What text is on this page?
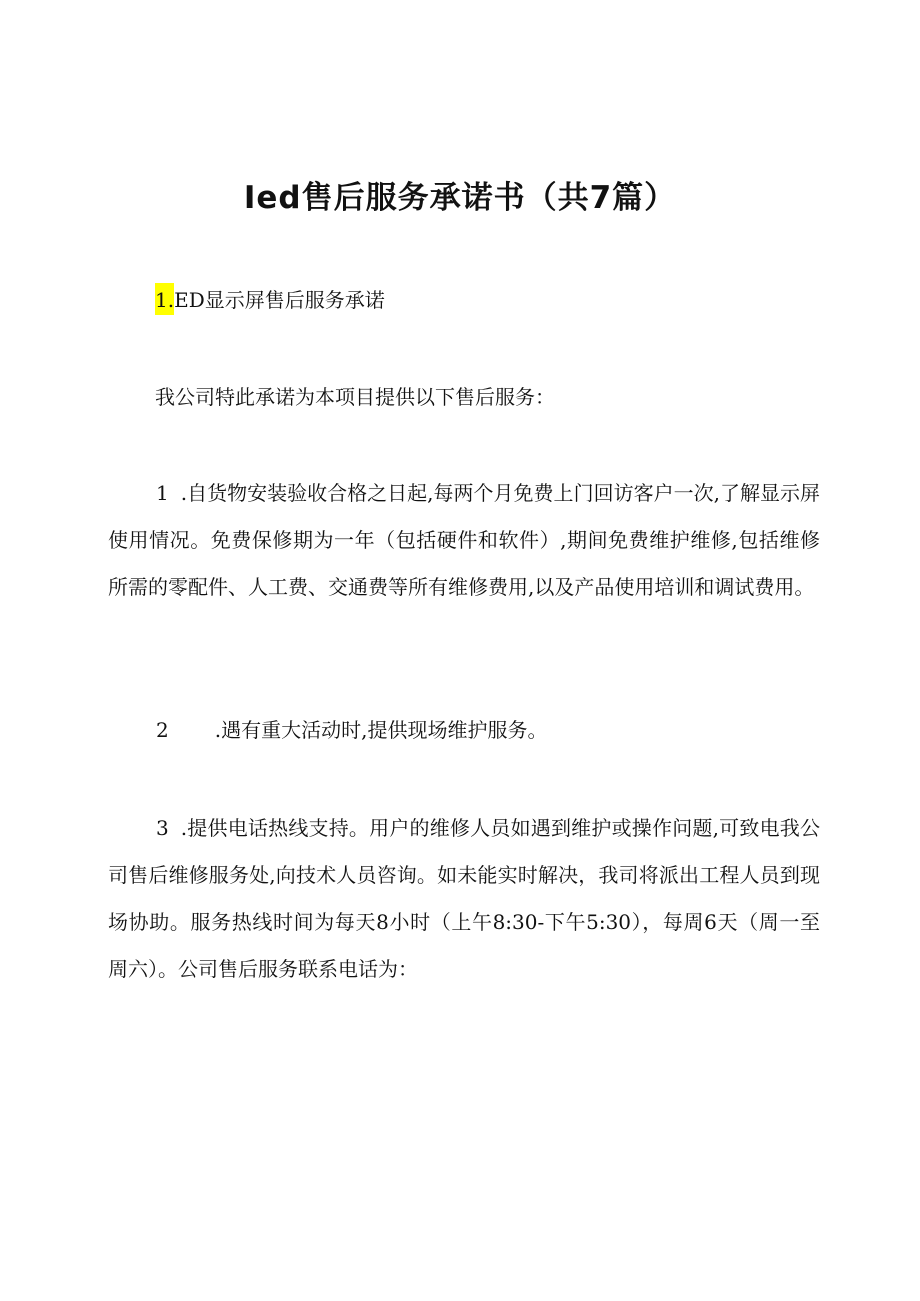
Ied售后服务承诺书（共7篇）

1.ED显示屏售后服务承诺

我公司特此承诺为本项目提供以下售后服务：

1 .自货物安装验收合格之日起,每两个月免费上门回访客户一次,了解显示屏使用情况。免费保修期为一年（包括硬件和软件）,期间免费维护维修,包括维修所需的零配件、人工费、交通费等所有维修费用,以及产品使用培训和调试费用。

2 .遇有重大活动时,提供现场维护服务。

3 .提供电话热线支持。用户的维修人员如遇到维护或操作问题,可致电我公司售后维修服务处,向技术人员咨询。如未能实时解决，我司将派出工程人员到现场协助。服务热线时间为每天8小时（上午8:30-下午5:30），每周6天（周一至周六）。公司售后服务联系电话为：
